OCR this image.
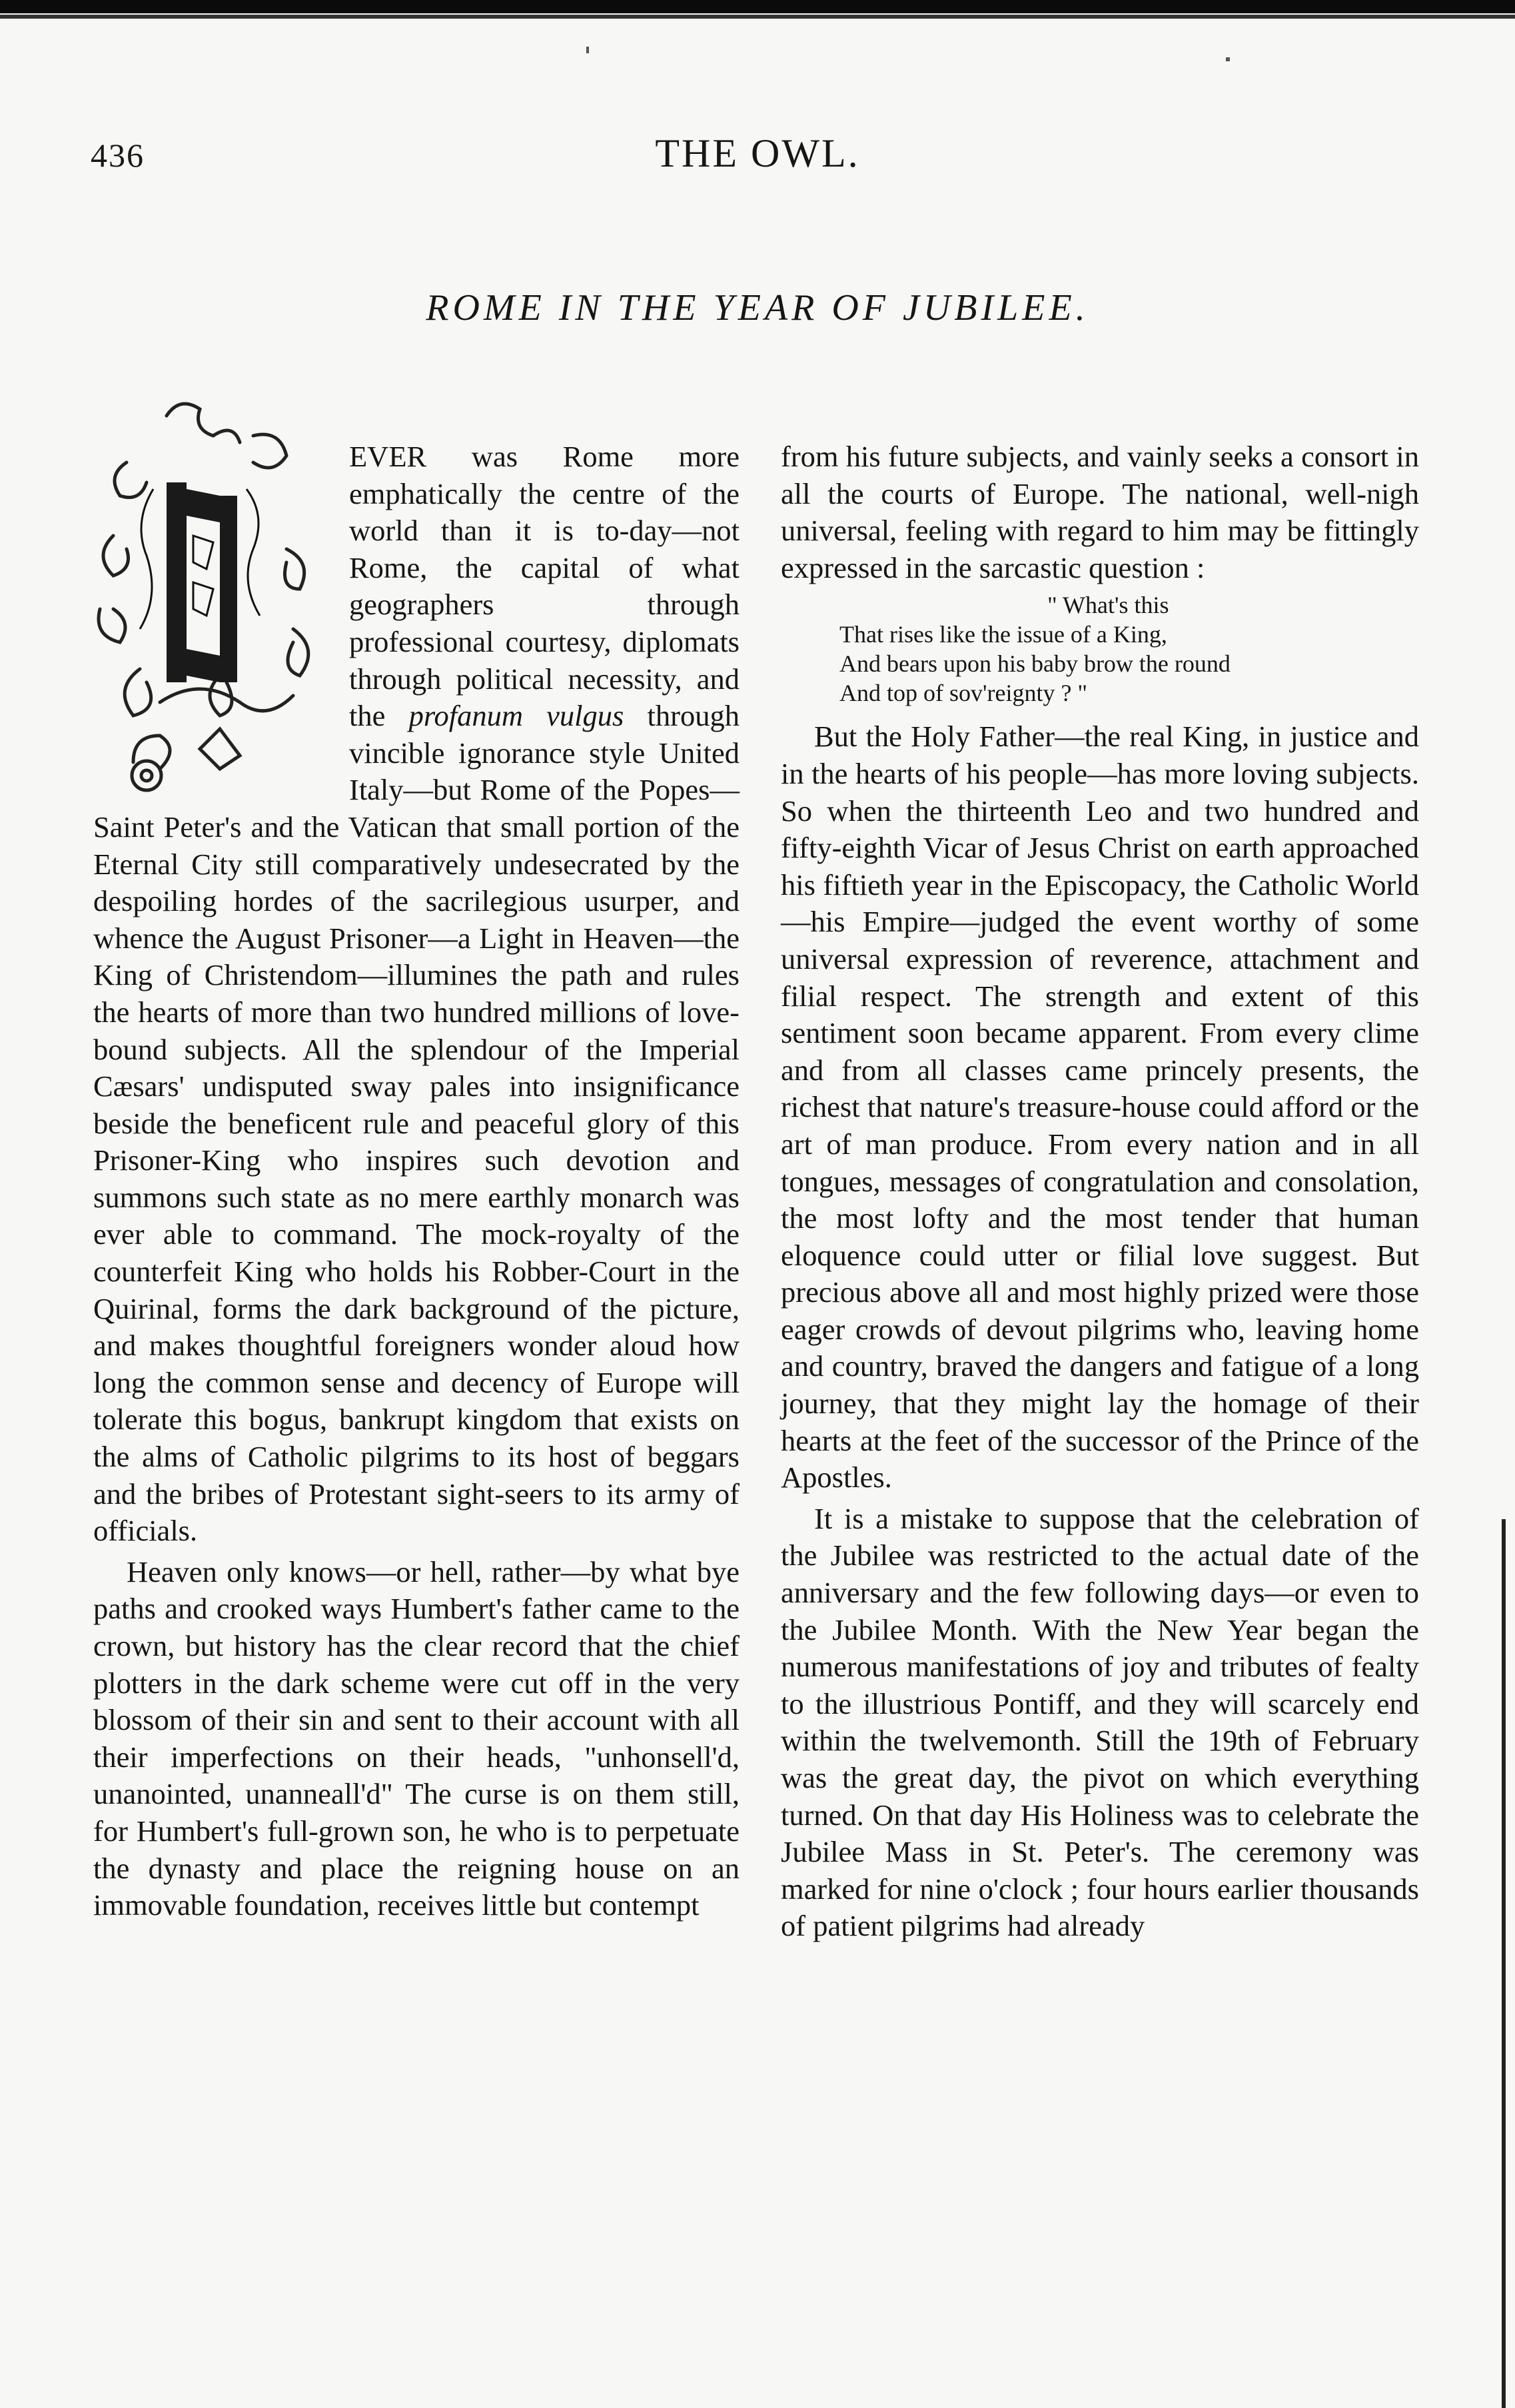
436	THE OWL.
ROME IN THE YEAR OF JUBILEE.

EVER was Rome more emphatically the centre of the world than it is to-day—not Rome, the capital of what geographers through professional courtesy, diplomats through political necessity, and the profanum vulgus through vincible ignorance style United Italy—but Rome of the Popes—Saint Peter's and the Vatican that small portion of the Eternal City still comparatively undesecrated by the despoiling hordes of the sacrilegious usurper, and whence the August Prisoner—a Light in Heaven—the King of Christendom—illumines the path and rules the hearts of more than two hundred millions of love-bound subjects. All the splendour of the Imperial Cæsars' undisputed sway pales into insignificance beside the beneficent rule and peaceful glory of this Prisoner-King who inspires such devotion and summons such state as no mere earthly monarch was ever able to command. The mock-royalty of the counterfeit King who holds his Robber-Court in the Quirinal, forms the dark background of the picture, and makes thoughtful foreigners wonder aloud how long the common sense and decency of Europe will tolerate this bogus, bankrupt kingdom that exists on the alms of Catholic pilgrims to its host of beggars and the bribes of Protestant sight-seers to its army of officials.

Heaven only knows—or hell, rather—by what bye paths and crooked ways Humbert's father came to the crown, but history has the clear record that the chief plotters in the dark scheme were cut off in the very blossom of their sin and sent to their account with all their imperfections on their heads, "unhonsell'd, unanointed, unanneall'd" The curse is on them still, for Humbert's full-grown son, he who is to perpetuate the dynasty and place the reigning house on an immovable foundation, receives little but contempt

from his future subjects, and vainly seeks a consort in all the courts of Europe. The national, well-nigh universal, feeling with regard to him may be fittingly expressed in the sarcastic question :

" What's this
That rises like the issue of a King,
And bears upon his baby brow the round
And top of sov'reignty ? "

But the Holy Father—the real King, in justice and in the hearts of his people—has more loving subjects. So when the thirteenth Leo and two hundred and fifty-eighth Vicar of Jesus Christ on earth approached his fiftieth year in the Episcopacy, the Catholic World—his Empire—judged the event worthy of some universal expression of reverence, attachment and filial respect. The strength and extent of this sentiment soon became apparent. From every clime and from all classes came princely presents, the richest that nature's treasure-house could afford or the art of man produce. From every nation and in all tongues, messages of congratulation and consolation, the most lofty and the most tender that human eloquence could utter or filial love suggest. But precious above all and most highly prized were those eager crowds of devout pilgrims who, leaving home and country, braved the dangers and fatigue of a long journey, that they might lay the homage of their hearts at the feet of the successor of the Prince of the Apostles.

It is a mistake to suppose that the celebration of the Jubilee was restricted to the actual date of the anniversary and the few following days—or even to the Jubilee Month. With the New Year began the numerous manifestations of joy and tributes of fealty to the illustrious Pontiff, and they will scarcely end within the twelvemonth. Still the 19th of February was the great day, the pivot on which everything turned. On that day His Holiness was to celebrate the Jubilee Mass in St. Peter's. The ceremony was marked for nine o'clock ; four hours earlier thousands of patient pilgrims had already
